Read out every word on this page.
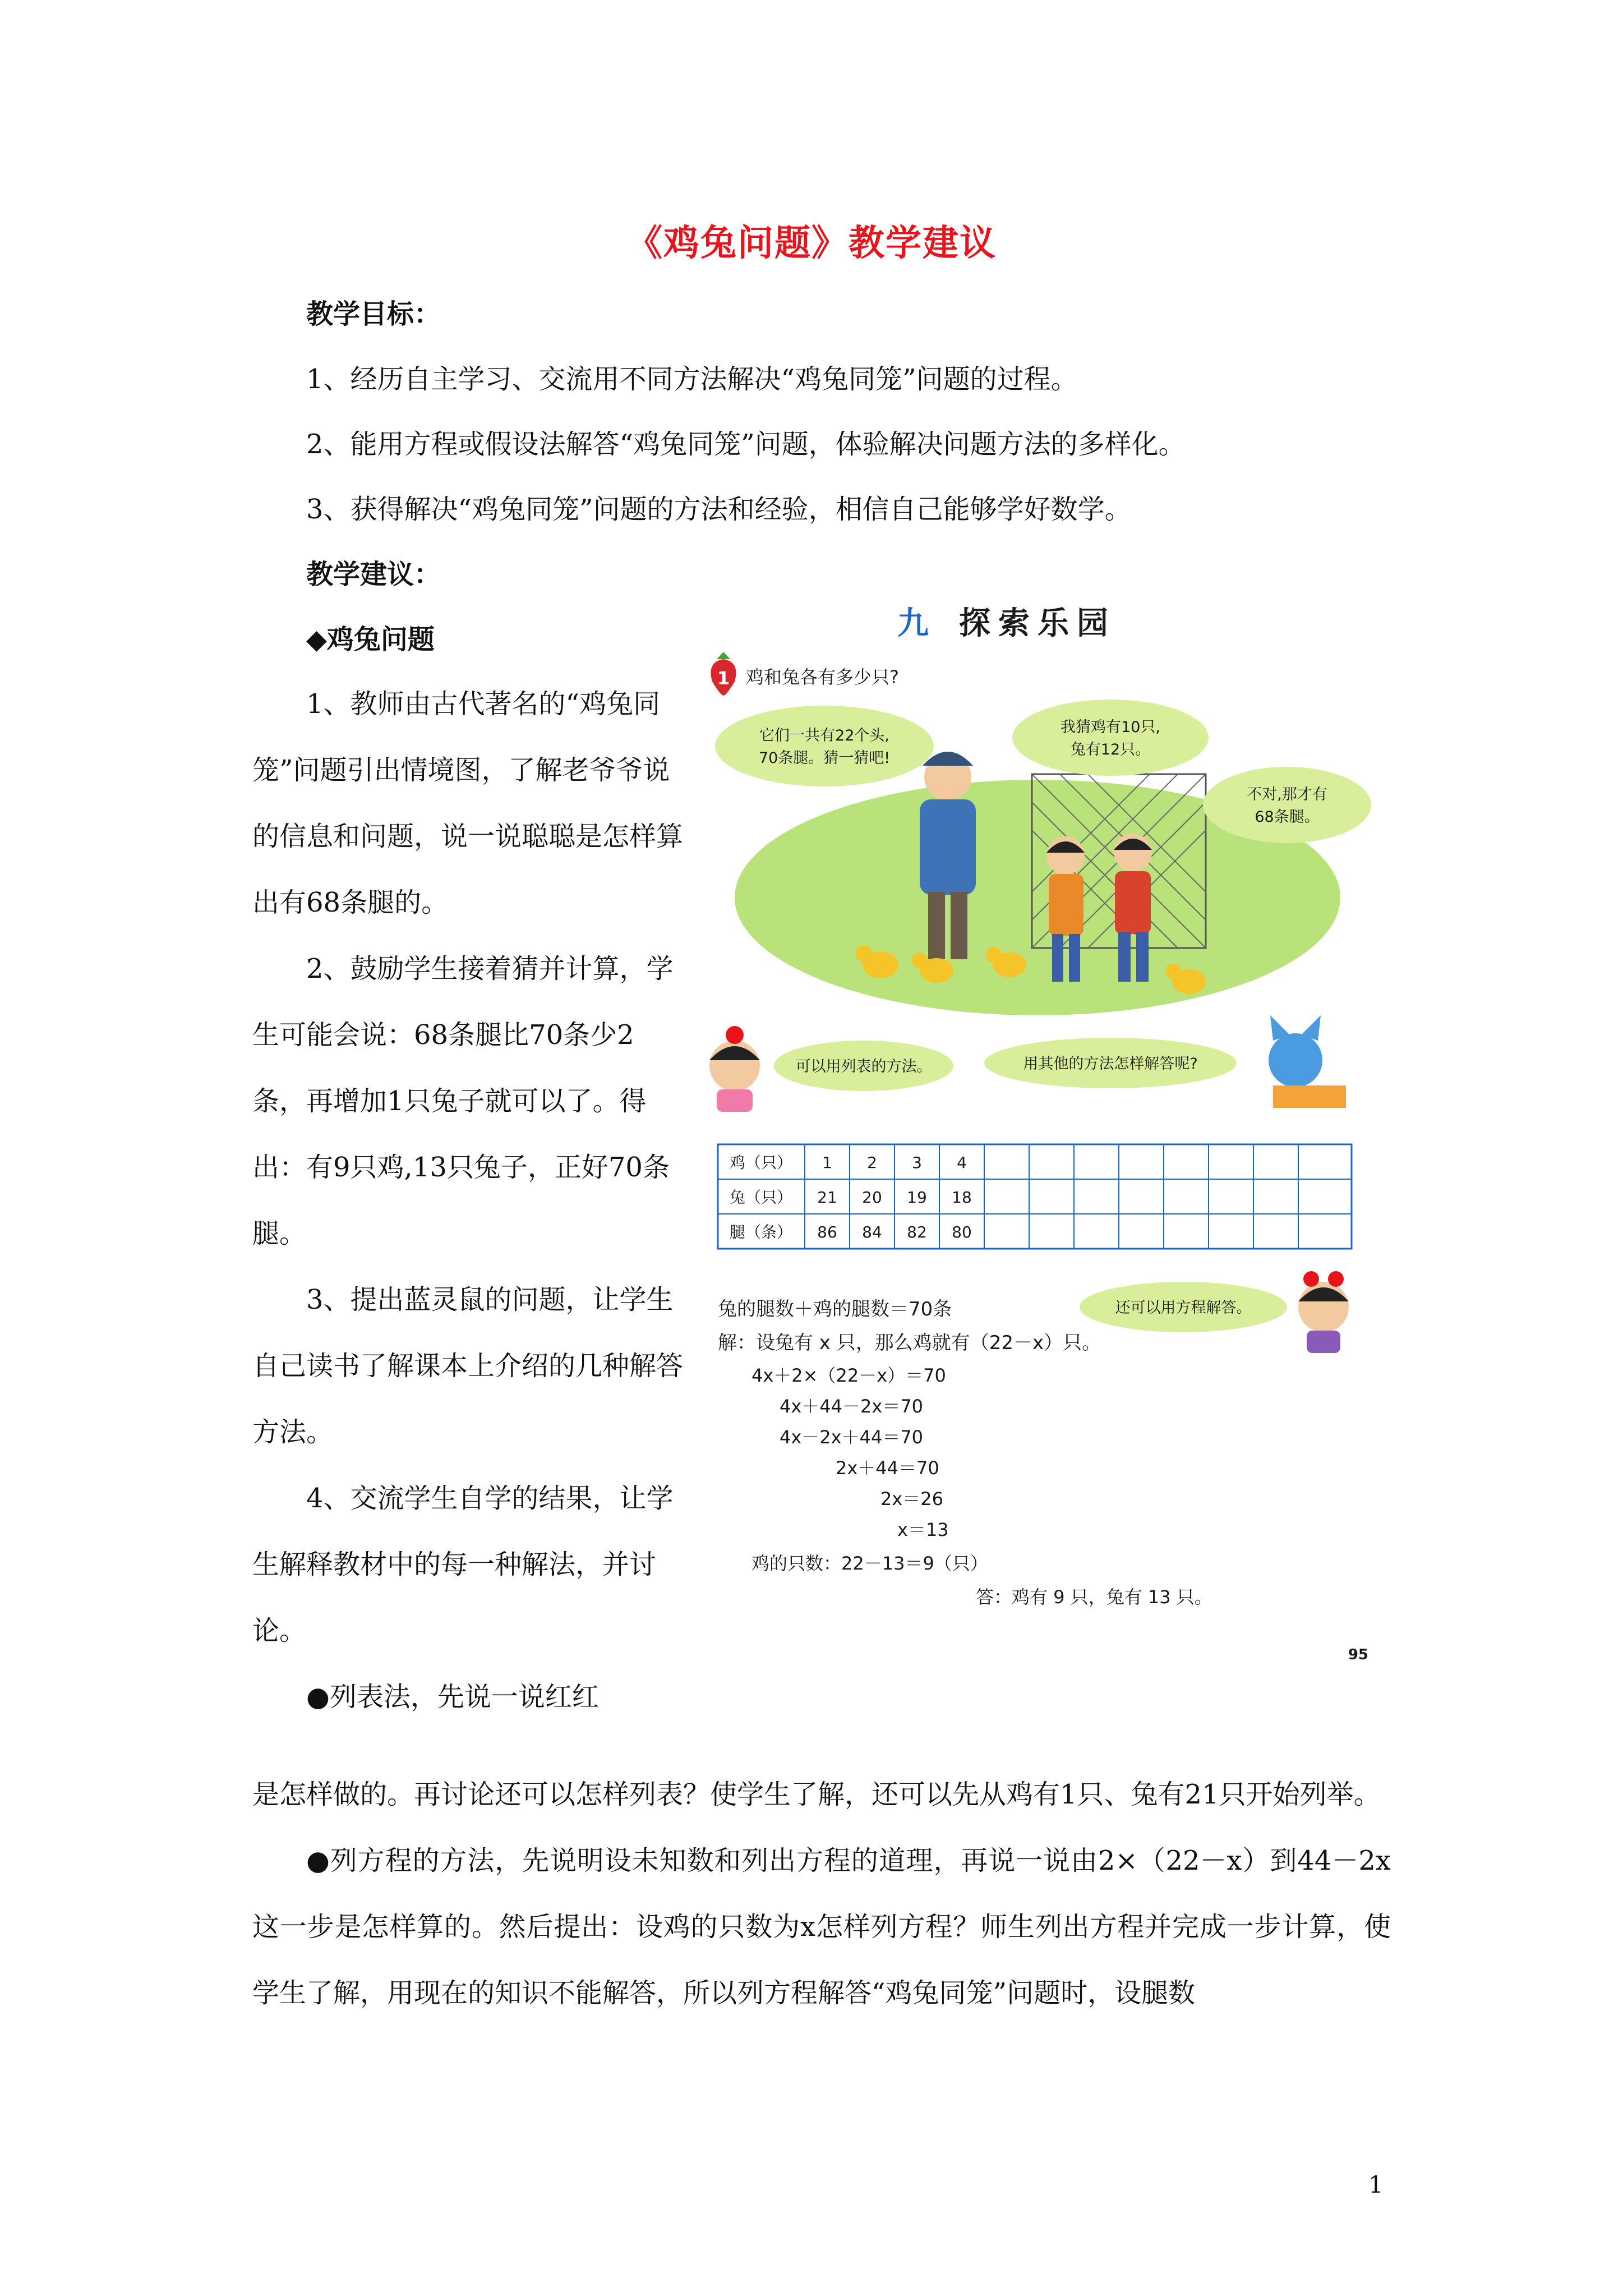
《鸡兔问题》教学建议
教学目标：
1、经历自主学习、交流用不同方法解决“鸡兔同笼”问题的过程。
2、能用方程或假设法解答“鸡兔同笼”问题，体验解决问题方法的多样化。
3、获得解决“鸡兔同笼”问题的方法和经验，相信自己能够学好数学。
教学建议：
◆鸡兔问题

1、教师由古代著名的“鸡兔同笼”问题引出情境图，了解老爷爷说的信息和问题，说一说聪聪是怎样算出有68条腿的。

2、鼓励学生接着猜并计算，学生可能会说：68条腿比70条少2条，再增加1只兔子就可以了。得出：有9只鸡,13只兔子，正好70条腿。

3、提出蓝灵鼠的问题，让学生自己读书了解课本上介绍的几种解答方法。

4、交流学生自学的结果，让学生解释教材中的每一种解法，并讨论。

●列表法，先说一说红红

是怎样做的。再讨论还可以怎样列表？使学生了解，还可以先从鸡有1只、兔有21只开始列举。

●列方程的方法，先说明设未知数和列出方程的道理，再说一说由2×（22－x）到44－2x这一步是怎样算的。然后提出：设鸡的只数为x怎样列方程？师生列出方程并完成一步计算，使学生了解，用现在的知识不能解答，所以列方程解答“鸡兔同笼”问题时，设腿数

1
九 探索乐园
1 鸡和兔各有多少只?
它们一共有22个头,
70条腿。猜一猜吧!
我猜鸡有10只,
兔有12只。
不对,那才有
68条腿。
可以用列表的方法。	用其他的方法怎样解答呢?
鸡（只）
兔（只）
腿（条）
1 2 3 4
21 20 19 18
86 84 82 80
兔的腿数＋鸡的腿数＝70条	还可以用方程解答。
解：设兔有 x 只，那么鸡就有（22－x）只。
4x＋2×（22－x）＝70
4x＋44－2x＝70
4x－2x＋44＝70
2x＋44＝70
2x＝26
x＝13
鸡的只数：22－13＝9（只）
答：鸡有 9 只，兔有 13 只。
95
